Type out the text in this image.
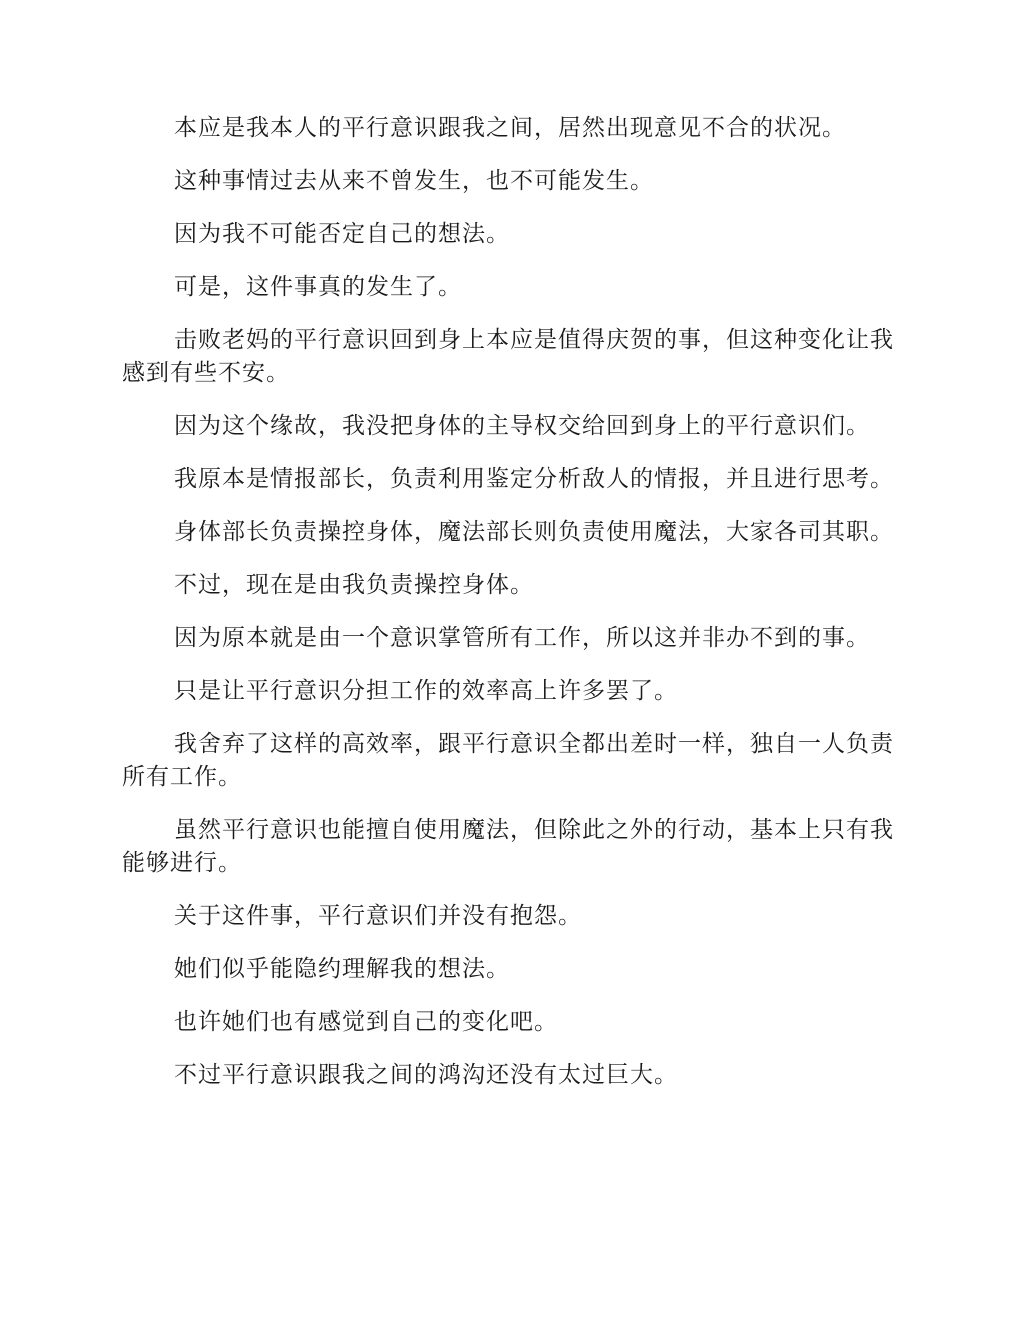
本应是我本人的平行意识跟我之间，居然出现意见不合的状况。

这种事情过去从来不曾发生，也不可能发生。

因为我不可能否定自己的想法。

可是，这件事真的发生了。

击败老妈的平行意识回到身上本应是值得庆贺的事，但这种变化让我感到有些不安。

因为这个缘故，我没把身体的主导权交给回到身上的平行意识们。

我原本是情报部长，负责利用鉴定分析敌人的情报，并且进行思考。

身体部长负责操控身体，魔法部长则负责使用魔法，大家各司其职。

不过，现在是由我负责操控身体。

因为原本就是由一个意识掌管所有工作，所以这并非办不到的事。

只是让平行意识分担工作的效率高上许多罢了。

我舍弃了这样的高效率，跟平行意识全都出差时一样，独自一人负责所有工作。

虽然平行意识也能擅自使用魔法，但除此之外的行动，基本上只有我能够进行。

关于这件事，平行意识们并没有抱怨。

她们似乎能隐约理解我的想法。

也许她们也有感觉到自己的变化吧。

不过平行意识跟我之间的鸿沟还没有太过巨大。
